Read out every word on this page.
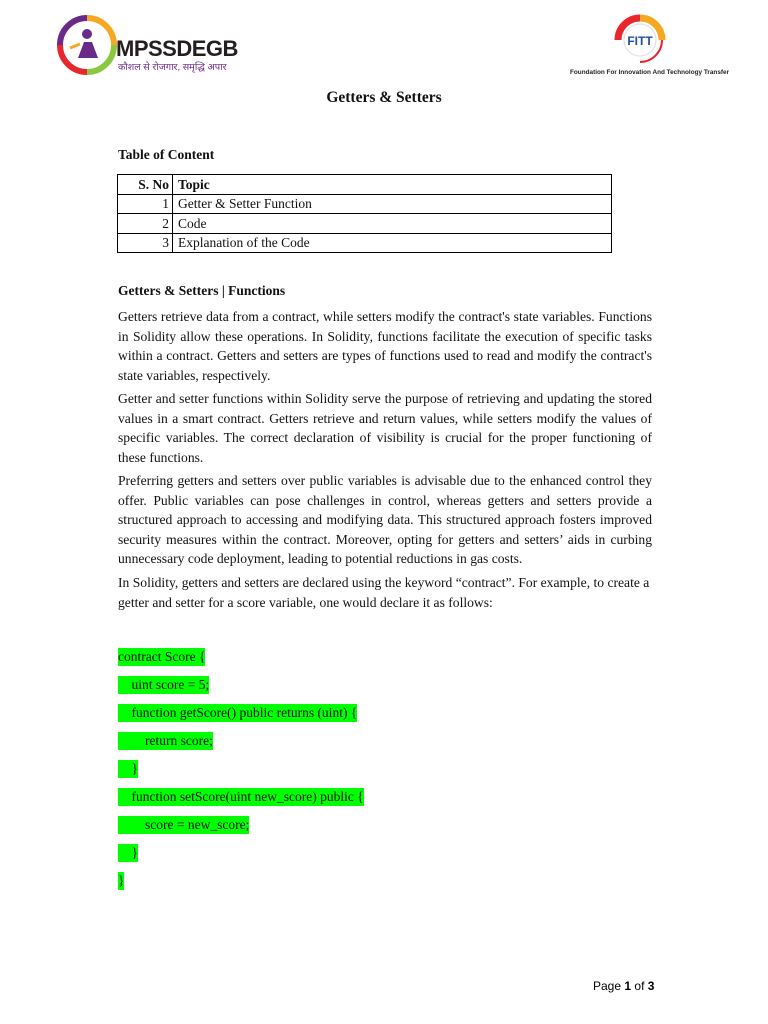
MPSSDEGB
कौशल से रोजगार, समृद्धि अपार
FITT
Foundation For Innovation And Technology Transfer
Getters & Setters
Table of Content
S. No	Topic
1	Getter & Setter Function
2	Code
3	Explanation of the Code
Getters & Setters | Functions

Getters retrieve data from a contract, while setters modify the contract's state variables. Functions in Solidity allow these operations. In Solidity, functions facilitate the execution of specific tasks within a contract. Getters and setters are types of functions used to read and modify the contract's state variables, respectively.

Getter and setter functions within Solidity serve the purpose of retrieving and updating the stored values in a smart contract. Getters retrieve and return values, while setters modify the values of specific variables. The correct declaration of visibility is crucial for the proper functioning of these functions.

Preferring getters and setters over public variables is advisable due to the enhanced control they offer. Public variables can pose challenges in control, whereas getters and setters provide a structured approach to accessing and modifying data. This structured approach fosters improved security measures within the contract. Moreover, opting for getters and setters’ aids in curbing unnecessary code deployment, leading to potential reductions in gas costs.

In Solidity, getters and setters are declared using the keyword “contract”. For example, to create a getter and setter for a score variable, one would declare it as follows:

contract Score {
uint score = 5;
function getScore() public returns (uint) {
return score;
}
function setScore(uint new_score) public {
score = new_score;
}
}
Page 1 of 3
